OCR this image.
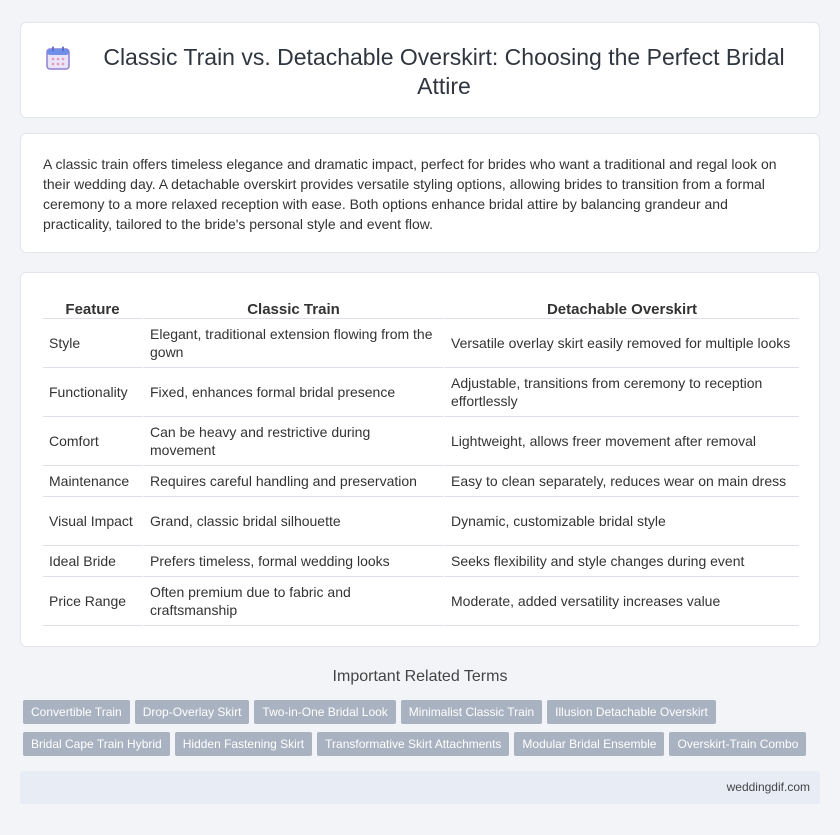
Classic Train vs. Detachable Overskirt: Choosing the Perfect Bridal Attire

A classic train offers timeless elegance and dramatic impact, perfect for brides who want a traditional and regal look on their wedding day. A detachable overskirt provides versatile styling options, allowing brides to transition from a formal ceremony to a more relaxed reception with ease. Both options enhance bridal attire by balancing grandeur and practicality, tailored to the bride's personal style and event flow.

Feature	Classic Train	Detachable Overskirt
Style	Elegant, traditional extension flowing from the gown	Versatile overlay skirt easily removed for multiple looks
Functionality	Fixed, enhances formal bridal presence	Adjustable, transitions from ceremony to reception effortlessly
Comfort	Can be heavy and restrictive during movement	Lightweight, allows freer movement after removal
Maintenance	Requires careful handling and preservation	Easy to clean separately, reduces wear on main dress
Visual Impact	Grand, classic bridal silhouette	Dynamic, customizable bridal style
Ideal Bride	Prefers timeless, formal wedding looks	Seeks flexibility and style changes during event
Price Range	Often premium due to fabric and craftsmanship	Moderate, added versatility increases value
Important Related Terms
Convertible Train Drop-Overlay Skirt Two-in-One Bridal Look Minimalist Classic Train Illusion Detachable Overskirt
Bridal Cape Train Hybrid Hidden Fastening Skirt Transformative Skirt Attachments Modular Bridal Ensemble Overskirt-Train Combo
weddingdif.com
